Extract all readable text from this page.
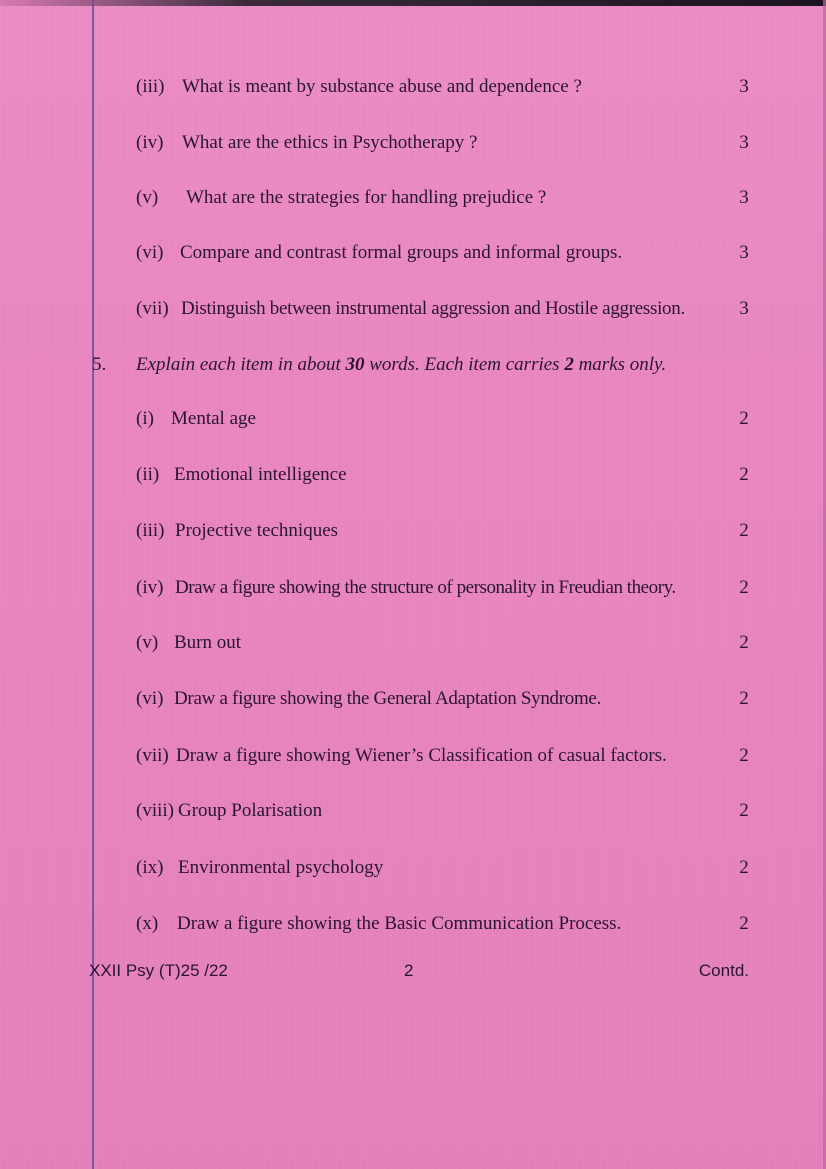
(iii) What is meant by substance abuse and dependence ?	3
(iv) What are the ethics in Psychotherapy ?	3
(v) What are the strategies for handling prejudice ?	3
(vi) Compare and contrast formal groups and informal groups.	3
(vii) Distinguish between instrumental aggression and Hostile aggression.	3
5. Explain each item in about 30 words. Each item carries 2 marks only.
(i) Mental age	2
(ii) Emotional intelligence	2
(iii) Projective techniques	2
(iv) Draw a figure showing the structure of personality in Freudian theory.	2
(v) Burn out	2
(vi) Draw a figure showing the General Adaptation Syndrome.	2
(vii) Draw a figure showing Wiener’s Classification of casual factors.	2
(viii) Group Polarisation	2
(ix) Environmental psychology	2
(x) Draw a figure showing the Basic Communication Process.	2
XXII Psy (T)25 /22	2	Contd.
